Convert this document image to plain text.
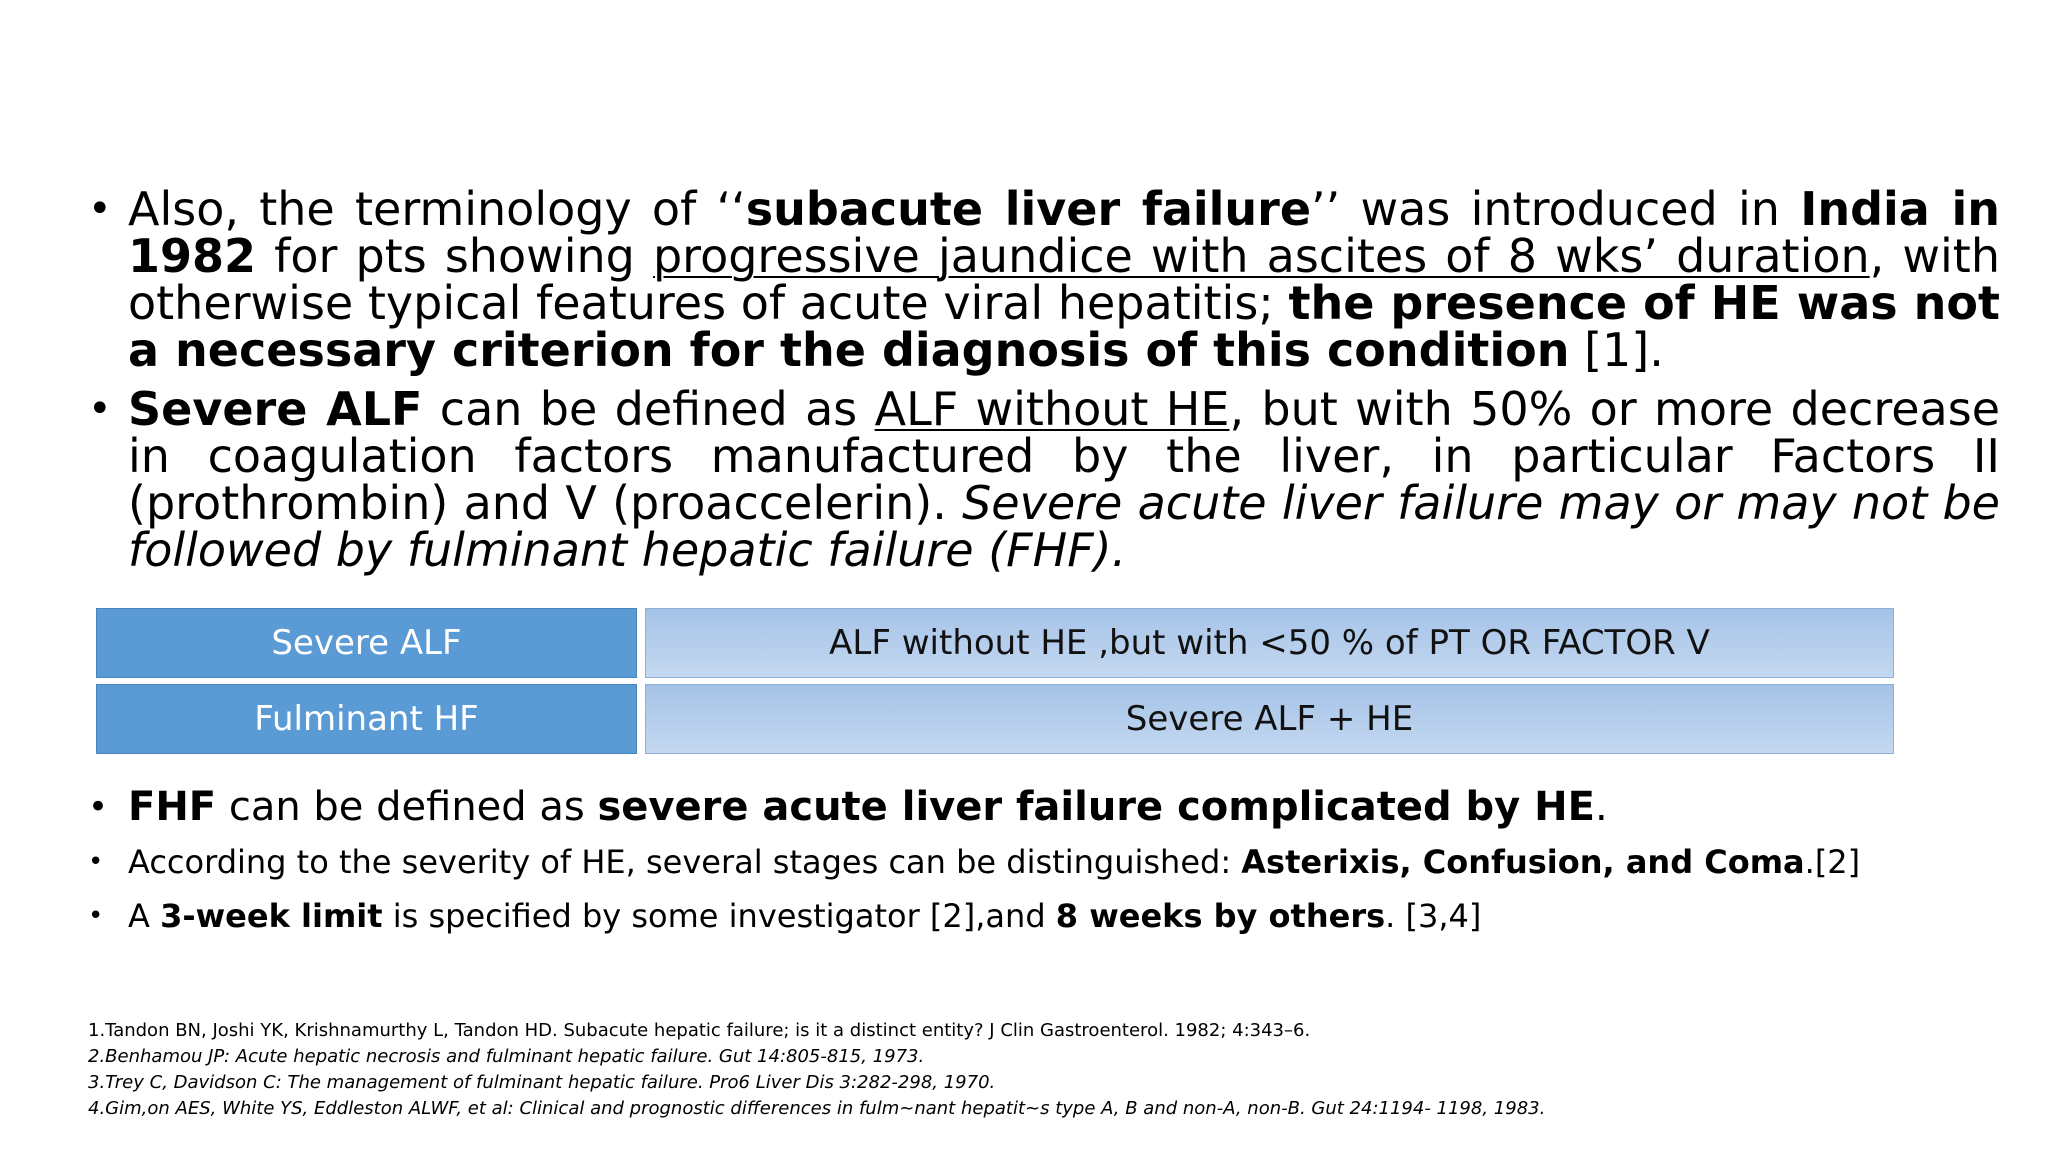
• Also, the terminology of ‘‘subacute liver failure’’ was introduced in India in 1982 for pts showing progressive jaundice with ascites of 8 wks’ duration, with otherwise typical features of acute viral hepatitis; the presence of HE was not a necessary criterion for the diagnosis of this condition [1].
• Severe ALF can be defined as ALF without HE, but with 50% or more decrease in coagulation factors manufactured by the liver, in particular Factors II (prothrombin) and V (proaccelerin). Severe acute liver failure may or may not be followed by fulminant hepatic failure (FHF).
Severe ALF	ALF without HE ,but with <50 % of PT OR FACTOR V
Fulminant HF	Severe ALF + HE
• FHF can be defined as severe acute liver failure complicated by HE.
• According to the severity of HE, several stages can be distinguished: Asterixis, Confusion, and Coma.[2]
• A 3-week limit is specified by some investigator [2],and 8 weeks by others. [3,4]
1.Tandon BN, Joshi YK, Krishnamurthy L, Tandon HD. Subacute hepatic failure; is it a distinct entity? J Clin Gastroenterol. 1982; 4:343–6.
2.Benhamou JP: Acute hepatic necrosis and fulminant hepatic failure. Gut 14:805-815, 1973.
3.Trey C, Davidson C: The management of fulminant hepatic failure. Pro6 Liver Dis 3:282-298, 1970.
4.Gim,on AES, White YS, Eddleston ALWF, et al: Clinical and prognostic differences in fulm~nant hepatit~s type A, B and non-A, non-B. Gut 24:1194- 1198, 1983.
